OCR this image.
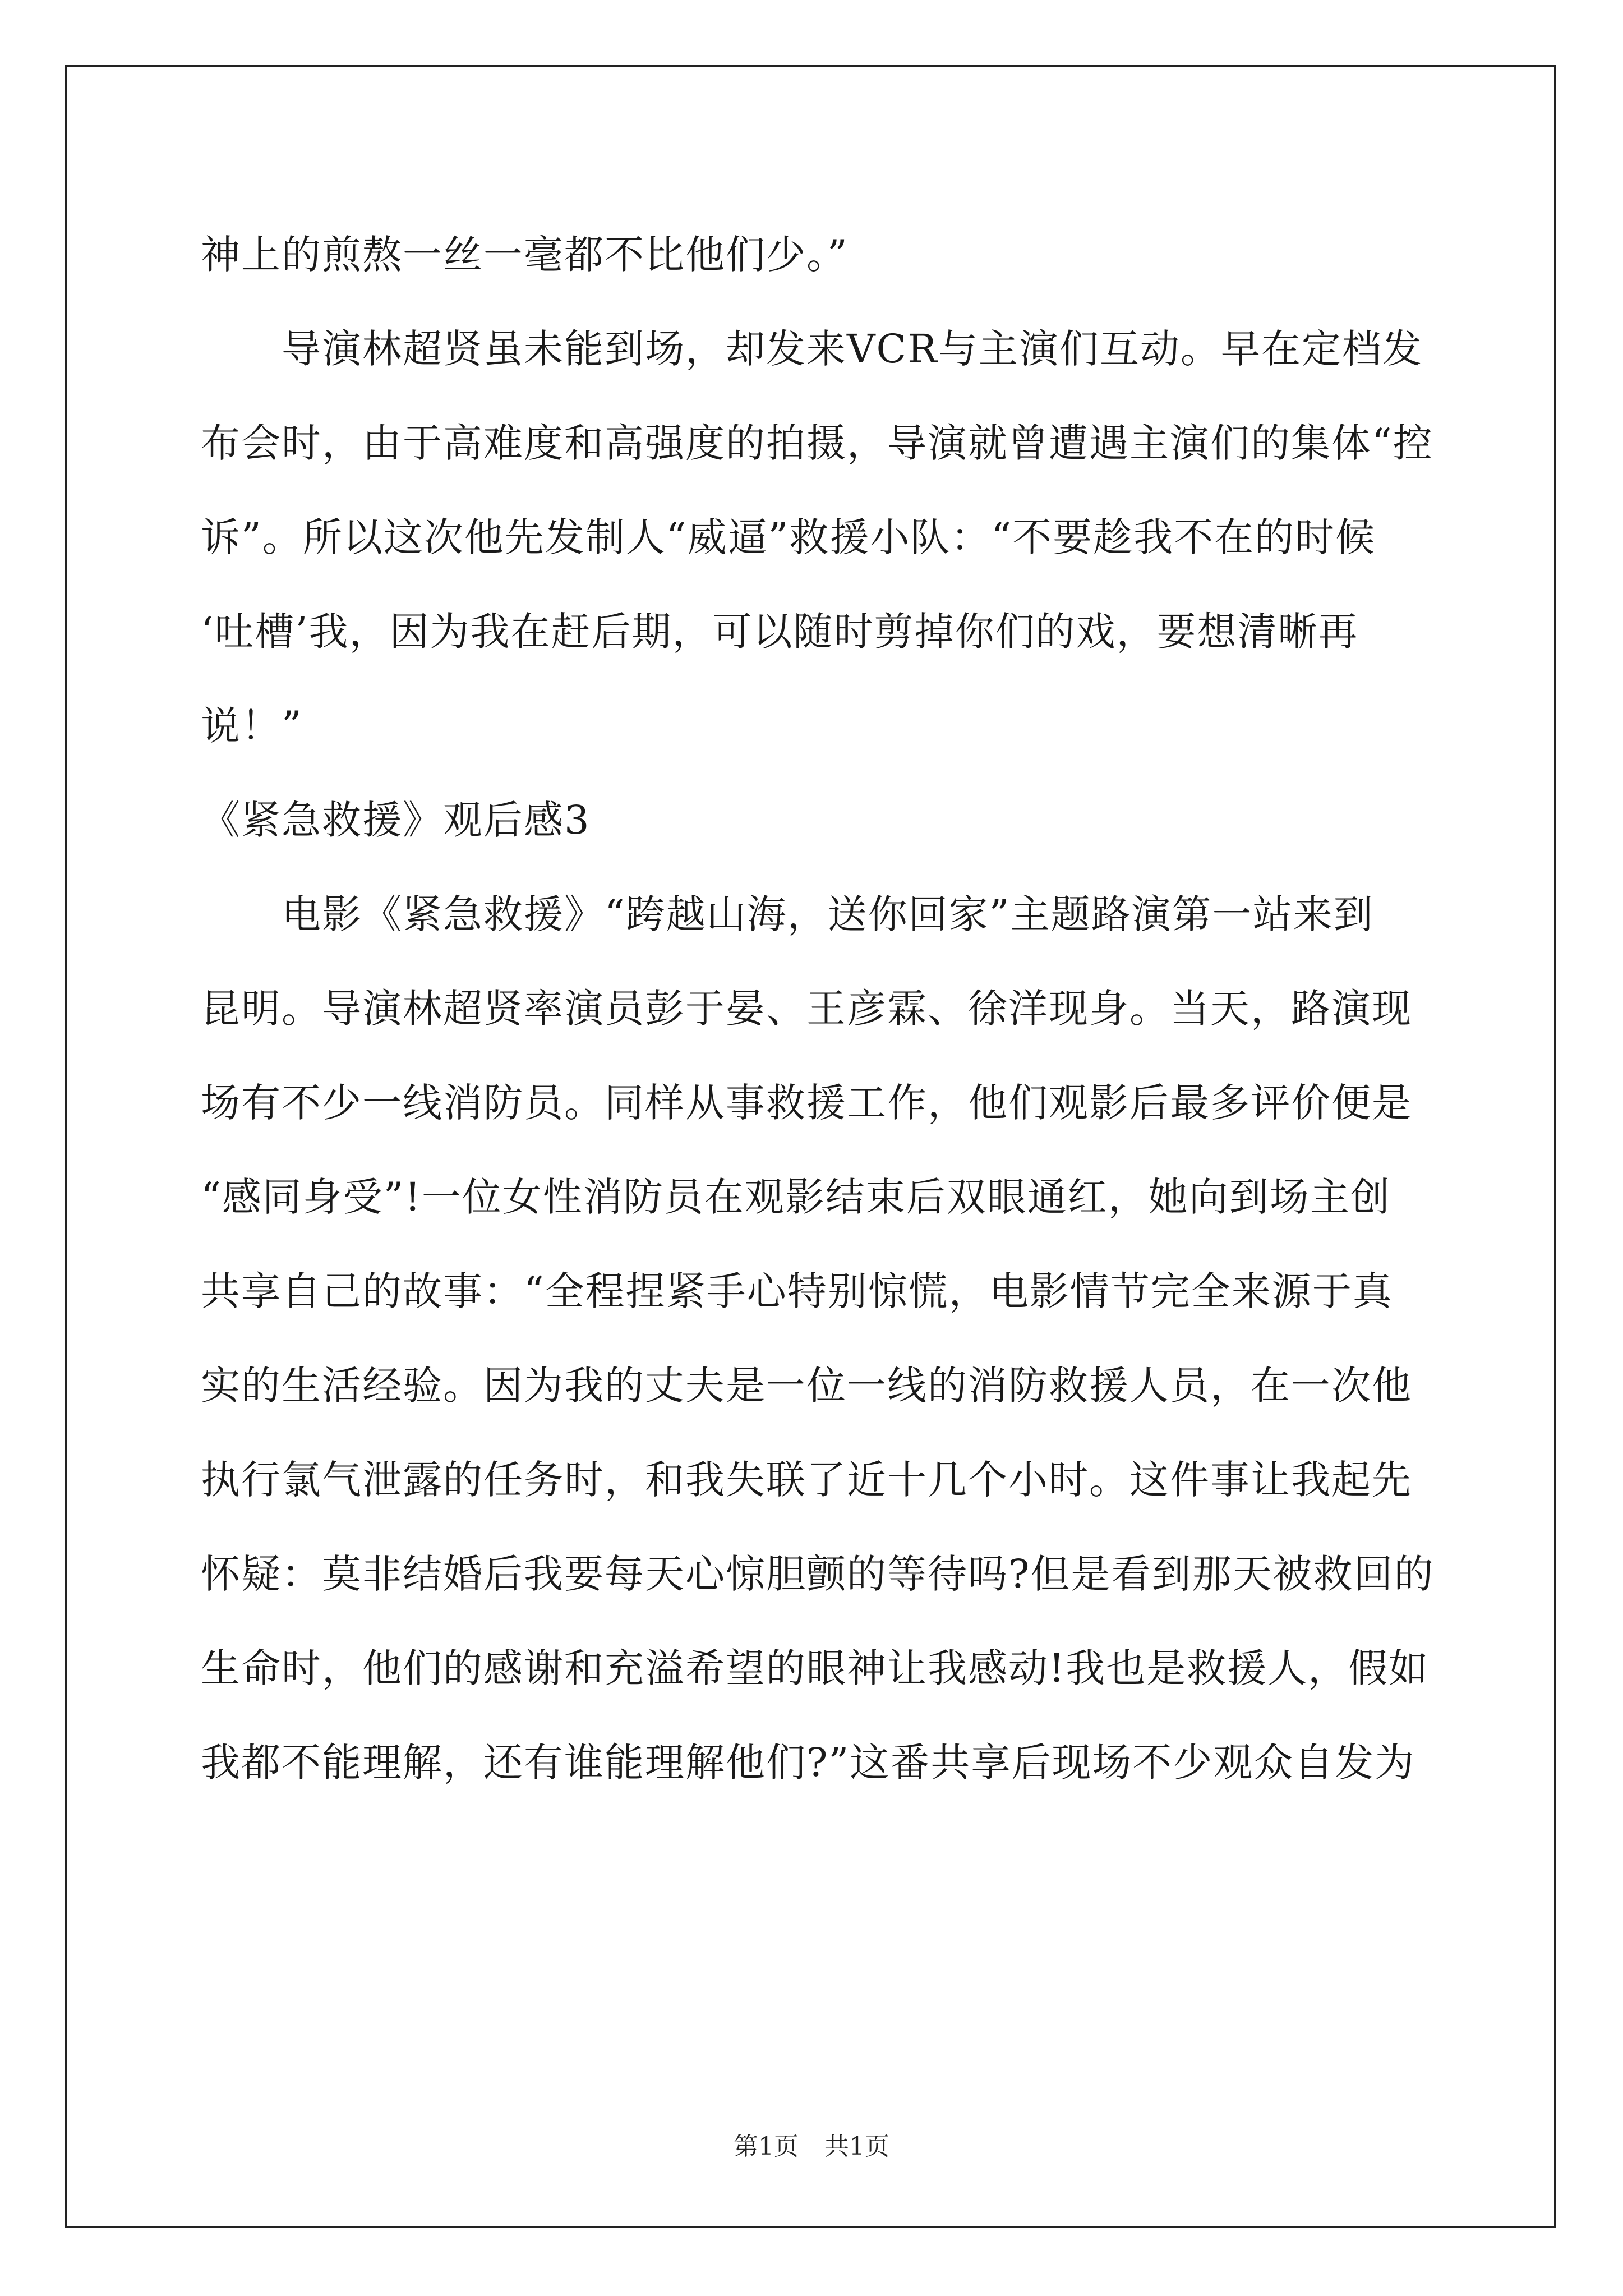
神上的煎熬一丝一毫都不比他们少。”
导演林超贤虽未能到场，却发来VCR与主演们互动。早在定档发
布会时，由于高难度和高强度的拍摄，导演就曾遭遇主演们的集体“控
诉”。所以这次他先发制人“威逼”救援小队：“不要趁我不在的时候
‘吐槽’我，因为我在赶后期，可以随时剪掉你们的戏，要想清晰再
说！”
《紧急救援》观后感3
电影《紧急救援》“跨越山海，送你回家”主题路演第一站来到
昆明。导演林超贤率演员彭于晏、王彦霖、徐洋现身。当天，路演现
场有不少一线消防员。同样从事救援工作，他们观影后最多评价便是
“感同身受”!一位女性消防员在观影结束后双眼通红，她向到场主创
共享自己的故事：“全程捏紧手心特别惊慌，电影情节完全来源于真
实的生活经验。因为我的丈夫是一位一线的消防救援人员，在一次他
执行氯气泄露的任务时，和我失联了近十几个小时。这件事让我起先
怀疑：莫非结婚后我要每天心惊胆颤的等待吗?但是看到那天被救回的
生命时，他们的感谢和充溢希望的眼神让我感动!我也是救援人，假如
我都不能理解，还有谁能理解他们?”这番共享后现场不少观众自发为
第1页 共1页
